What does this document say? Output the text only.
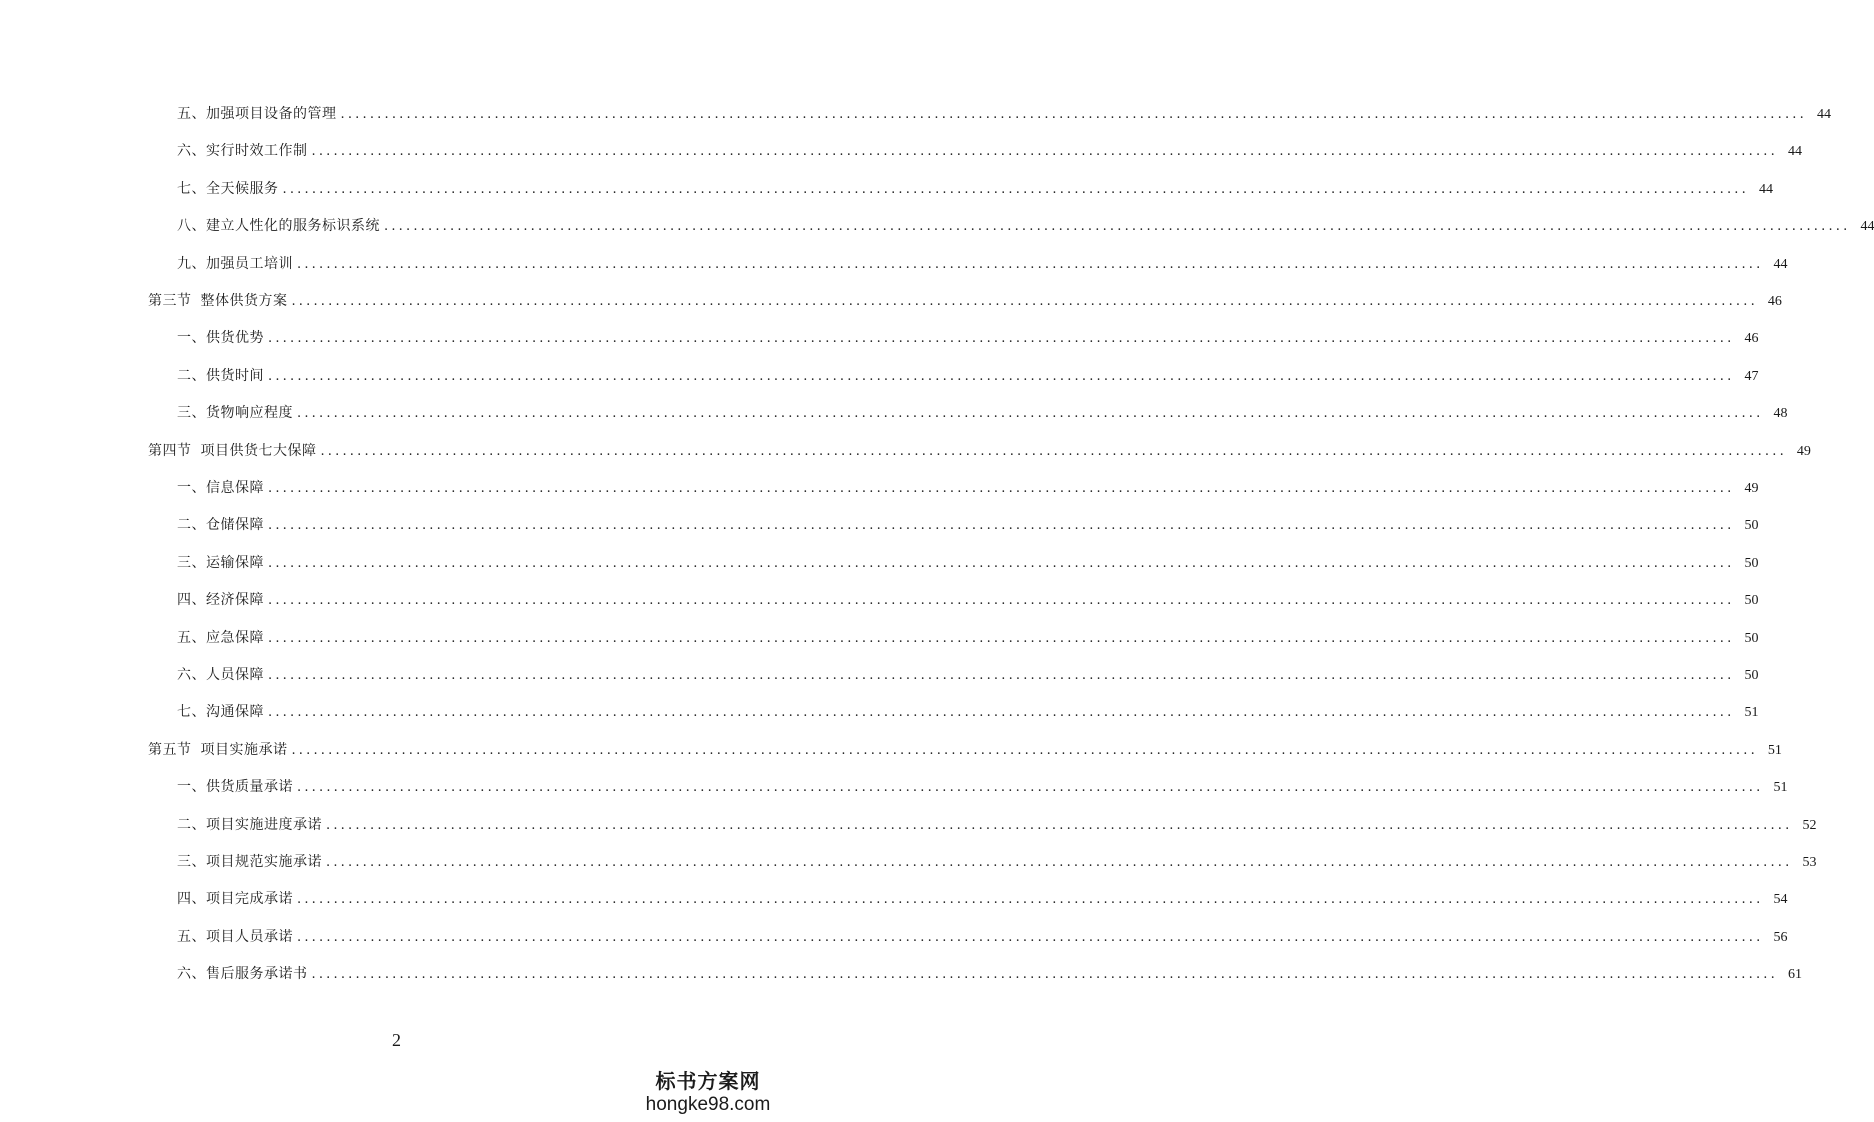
五、加强项目设备的管理 ........................................................................................................................................................................................................ 44
六、实行时效工作制 ........................................................................................................................................................................................................ 44
七、全天候服务 ........................................................................................................................................................................................................ 44
八、建立人性化的服务标识系统 ........................................................................................................................................................................................................ 44
九、加强员工培训 ........................................................................................................................................................................................................ 44
第三节 整体供货方案 ........................................................................................................................................................................................................ 46
一、供货优势 ........................................................................................................................................................................................................ 46
二、供货时间 ........................................................................................................................................................................................................ 47
三、货物响应程度 ........................................................................................................................................................................................................ 48
第四节 项目供货七大保障 ........................................................................................................................................................................................................ 49
一、信息保障 ........................................................................................................................................................................................................ 49
二、仓储保障 ........................................................................................................................................................................................................ 50
三、运输保障 ........................................................................................................................................................................................................ 50
四、经济保障 ........................................................................................................................................................................................................ 50
五、应急保障 ........................................................................................................................................................................................................ 50
六、人员保障 ........................................................................................................................................................................................................ 50
七、沟通保障 ........................................................................................................................................................................................................ 51
第五节 项目实施承诺 ........................................................................................................................................................................................................ 51
一、供货质量承诺 ........................................................................................................................................................................................................ 51
二、项目实施进度承诺 ........................................................................................................................................................................................................ 52
三、项目规范实施承诺 ........................................................................................................................................................................................................ 53
四、项目完成承诺 ........................................................................................................................................................................................................ 54
五、项目人员承诺 ........................................................................................................................................................................................................ 56
六、售后服务承诺书 ........................................................................................................................................................................................................ 61
2
标书方案网
hongke98.com
